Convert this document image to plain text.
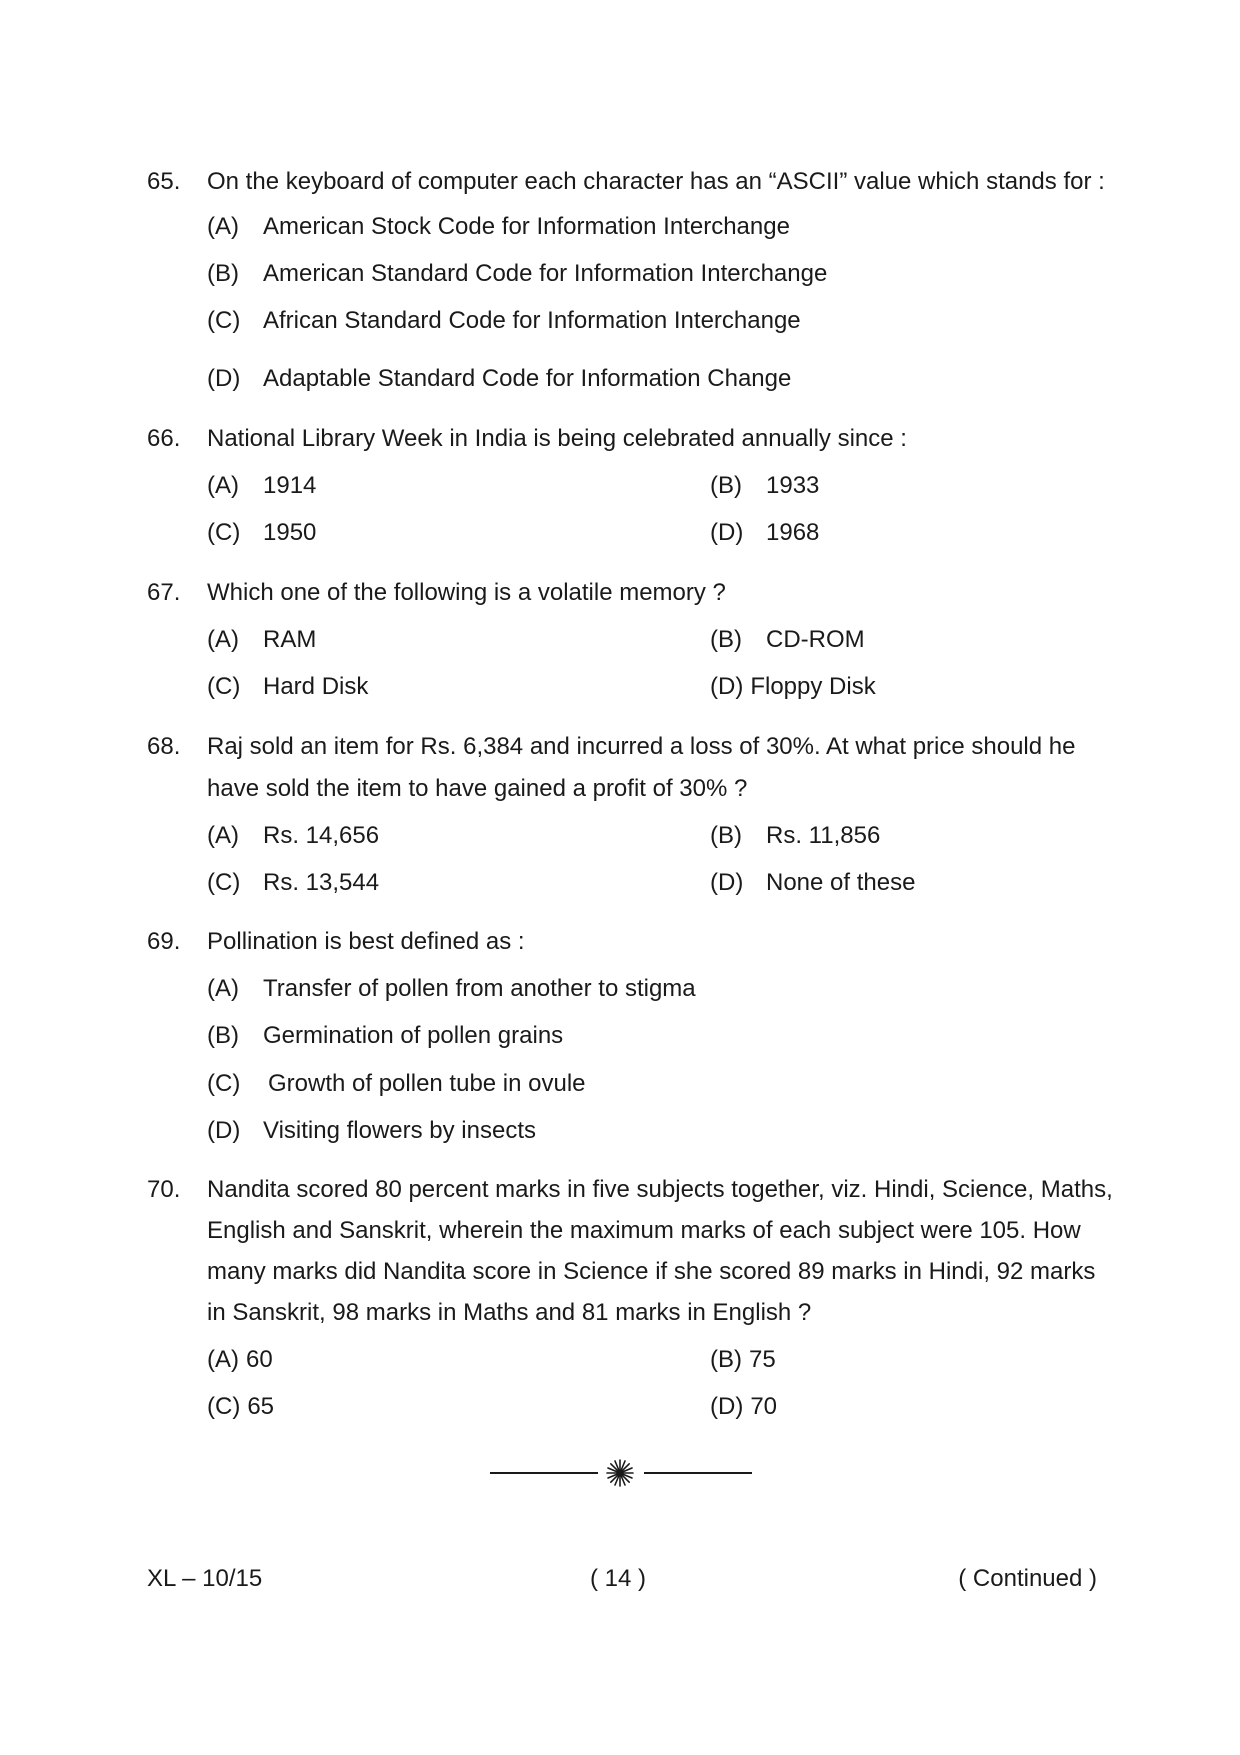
65. On the keyboard of computer each character has an “ASCII” value which stands for :
(A)	American Stock Code for Information Interchange
(B)	American Standard Code for Information Interchange
(C) African Standard Code for Information Interchange
(D) Adaptable Standard Code for Information Change
66. National Library Week in India is being celebrated annually since :
(A)	1914	(B)	1933
(C) 1950	(D) 1968
67. Which one of the following is a volatile memory ?
(A)	RAM	(B)	CD-ROM
(C) Hard Disk	(D) Floppy Disk
68. Raj sold an item for Rs. 6,384 and incurred a loss of 30%. At what price should he
have sold the item to have gained a profit of 30% ?
(A)	Rs. 14,656	(B)	Rs. 11,856
(C) Rs. 13,544	(D) None of these
69. Pollination is best defined as :
(A)	Transfer of pollen from another to stigma
(B)	Germination of pollen grains
(C)	Growth of pollen tube in ovule
(D) Visiting flowers by insects
70. Nandita scored 80 percent marks in five subjects together, viz. Hindi, Science, Maths,
English and Sanskrit, wherein the maximum marks of each subject were 105. How
many marks did Nandita score in Science if she scored 89 marks in Hindi, 92 marks
in Sanskrit, 98 marks in Maths and 81 marks in English ?
(A) 60	(B) 75
(C) 65	(D) 70
XL – 10/15	( 14 )	( Continued )
